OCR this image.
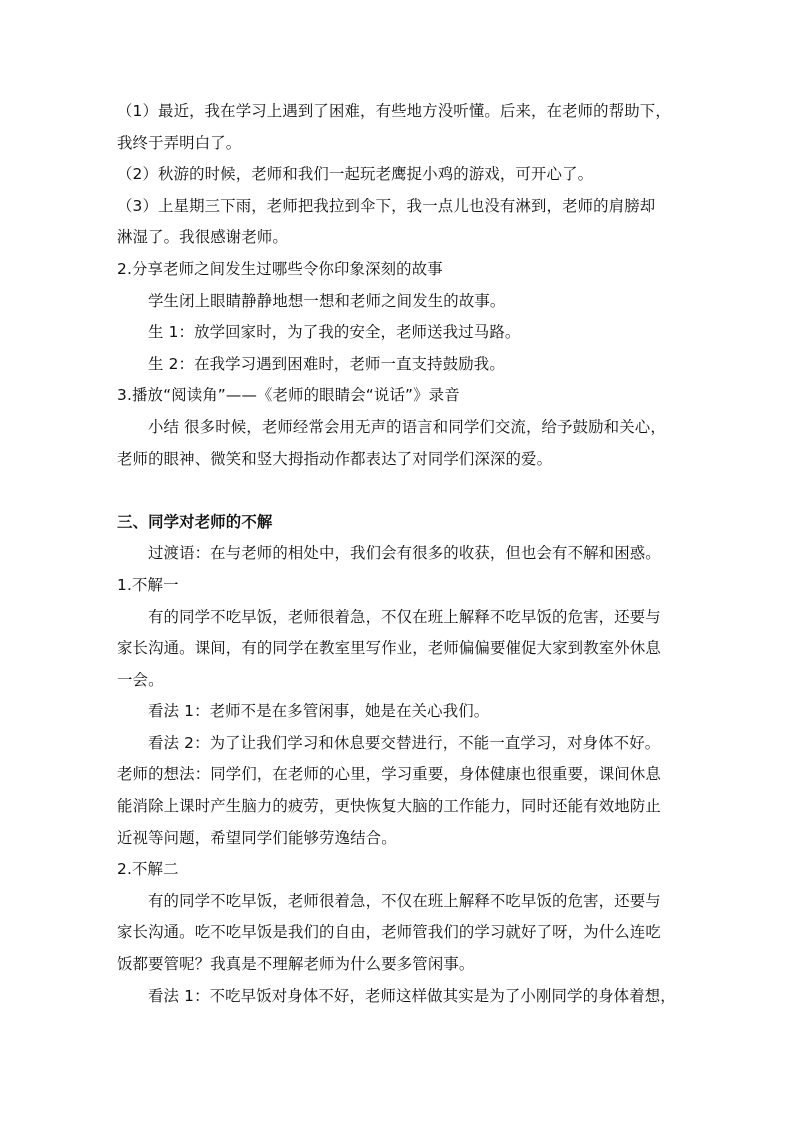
（1）最近，我在学习上遇到了困难，有些地方没听懂。后来，在老师的帮助下，
我终于弄明白了。
（2）秋游的时候，老师和我们一起玩老鹰捉小鸡的游戏，可开心了。
（3）上星期三下雨，老师把我拉到伞下，我一点儿也没有淋到，老师的肩膀却
淋湿了。我很感谢老师。
2.分享老师之间发生过哪些令你印象深刻的故事
学生闭上眼睛静静地想一想和老师之间发生的故事。
生 1：放学回家时，为了我的安全，老师送我过马路。
生 2：在我学习遇到困难时，老师一直支持鼓励我。
3.播放“阅读角”——《老师的眼睛会“说话”》录音
小结 很多时候，老师经常会用无声的语言和同学们交流，给予鼓励和关心，
老师的眼神、微笑和竖大拇指动作都表达了对同学们深深的爱。
三、同学对老师的不解
过渡语：在与老师的相处中，我们会有很多的收获，但也会有不解和困惑。
1.不解一
有的同学不吃早饭，老师很着急，不仅在班上解释不吃早饭的危害，还要与
家长沟通。课间，有的同学在教室里写作业，老师偏偏要催促大家到教室外休息
一会。
看法 1：老师不是在多管闲事，她是在关心我们。
看法 2：为了让我们学习和休息要交替进行，不能一直学习，对身体不好。
老师的想法：同学们，在老师的心里，学习重要，身体健康也很重要，课间休息
能消除上课时产生脑力的疲劳，更快恢复大脑的工作能力，同时还能有效地防止
近视等问题，希望同学们能够劳逸结合。
2.不解二
有的同学不吃早饭，老师很着急，不仅在班上解释不吃早饭的危害，还要与
家长沟通。吃不吃早饭是我们的自由，老师管我们的学习就好了呀，为什么连吃
饭都要管呢？我真是不理解老师为什么要多管闲事。
看法 1：不吃早饭对身体不好，老师这样做其实是为了小刚同学的身体着想，
